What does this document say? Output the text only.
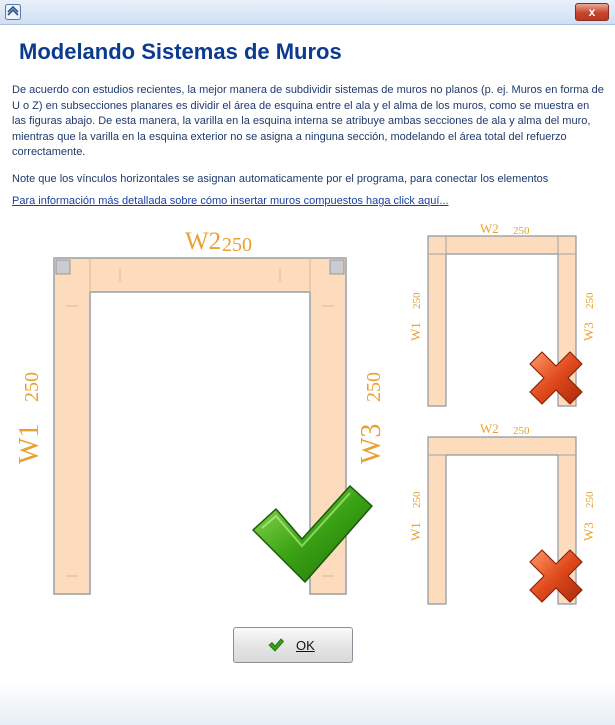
x
Modelando Sistemas de Muros

De acuerdo con estudios recientes, la mejor manera de subdividir sistemas de muros no planos (p. ej. Muros en forma de U o Z) en subsecciones planares es dividir el área de esquina entre el ala y el alma de los muros, como se muestra en las figuras abajo. De esta manera, la varilla en la esquina interna se atribuye ambas secciones de ala y alma del muro, mientras que la varilla en la esquina exterior no se asigna a ninguna sección, modelando el área total del refuerzo correctamente.

Note que los vínculos horizontales se asignan automaticamente por el programa, para conectar los elementos

Para información más detallada sobre cómo insertar muros compuestos haga click aquí...
W2 250
W1
250
W3
250
W2 250
W1
250
W3
250
W2 250
W1
250
W3
250
OK
